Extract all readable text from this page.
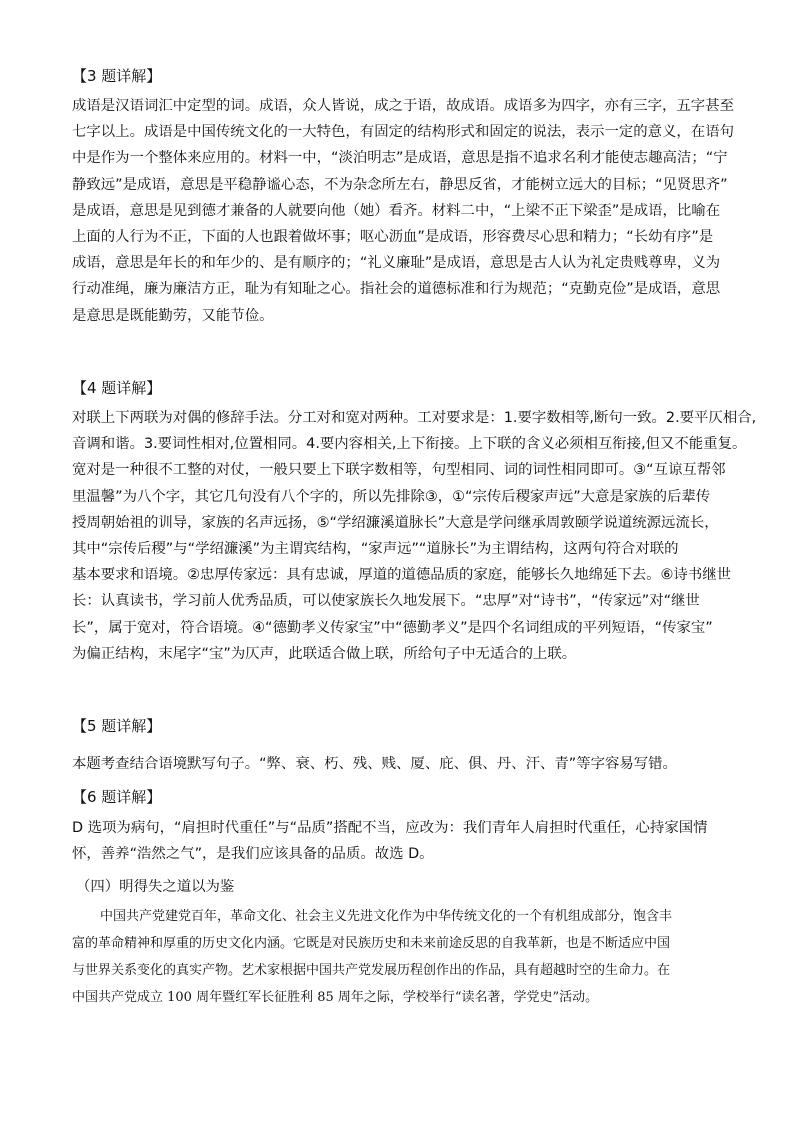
【3 题详解】
成语是汉语词汇中定型的词。成语，众人皆说，成之于语，故成语。成语多为四字，亦有三字，五字甚至
七字以上。成语是中国传统文化的一大特色，有固定的结构形式和固定的说法，表示一定的意义，在语句
中是作为一个整体来应用的。材料一中，“淡泊明志”是成语，意思是指不追求名利才能使志趣高洁；“宁
静致远”是成语，意思是平稳静谧心态，不为杂念所左右，静思反省，才能树立远大的目标；“见贤思齐”
是成语，意思是见到德才兼备的人就要向他（她）看齐。材料二中，“上梁不正下梁歪”是成语，比喻在
上面的人行为不正，下面的人也跟着做坏事；呕心沥血”是成语，形容费尽心思和精力；“长幼有序”是
成语，意思是年长的和年少的、是有顺序的；“礼义廉耻”是成语，意思是古人认为礼定贵贱尊卑，义为
行动准绳，廉为廉洁方正，耻为有知耻之心。指社会的道德标准和行为规范；“克勤克俭”是成语，意思
是意思是既能勤劳，又能节俭。
【4 题详解】
对联上下两联为对偶的修辞手法。分工对和宽对两种。工对要求是：1.要字数相等,断句一致。2.要平仄相合,
音调和谐。3.要词性相对,位置相同。4.要内容相关,上下衔接。上下联的含义必须相互衔接,但又不能重复。
宽对是一种很不工整的对仗，一般只要上下联字数相等，句型相同、词的词性相同即可。③“互谅互帮邻
里温馨”为八个字，其它几句没有八个字的，所以先排除③，①“宗传后稷家声远”大意是家族的后辈传
授周朝始祖的训导，家族的名声远扬，⑤“学绍濂溪道脉长”大意是学问继承周敦颐学说道统源远流长，
其中“宗传后稷”与“学绍濂溪”为主谓宾结构，“家声远”“道脉长”为主谓结构，这两句符合对联的
基本要求和语境。②忠厚传家远：具有忠诚，厚道的道德品质的家庭，能够长久地绵延下去。⑥诗书继世
长：认真读书，学习前人优秀品质，可以使家族长久地发展下。“忠厚”对“诗书”，“传家远”对“继世
长”，属于宽对，符合语境。④“德勤孝义传家宝”中“德勤孝义”是四个名词组成的平列短语，“传家宝”
为偏正结构，末尾字“宝”为仄声，此联适合做上联，所给句子中无适合的上联。
【5 题详解】
本题考查结合语境默写句子。“弊、衰、朽、残、贱、厦、庇、俱、丹、汗、青”等字容易写错。
【6 题详解】
D 选项为病句，“肩担时代重任”与“品质”搭配不当，应改为：我们青年人肩担时代重任，心持家国情
怀，善养“浩然之气”，是我们应该具备的品质。故选 D。
（四）明得失之道以为鉴
中国共产党建党百年，革命文化、社会主义先进文化作为中华传统文化的一个有机组成部分，饱含丰
富的革命精神和厚重的历史文化内涵。它既是对民族历史和未来前途反思的自我革新，也是不断适应中国
与世界关系变化的真实产物。艺术家根据中国共产党发展历程创作出的作品，具有超越时空的生命力。在
中国共产党成立 100 周年暨红军长征胜利 85 周年之际，学校举行“读名著，学党史”活动。
